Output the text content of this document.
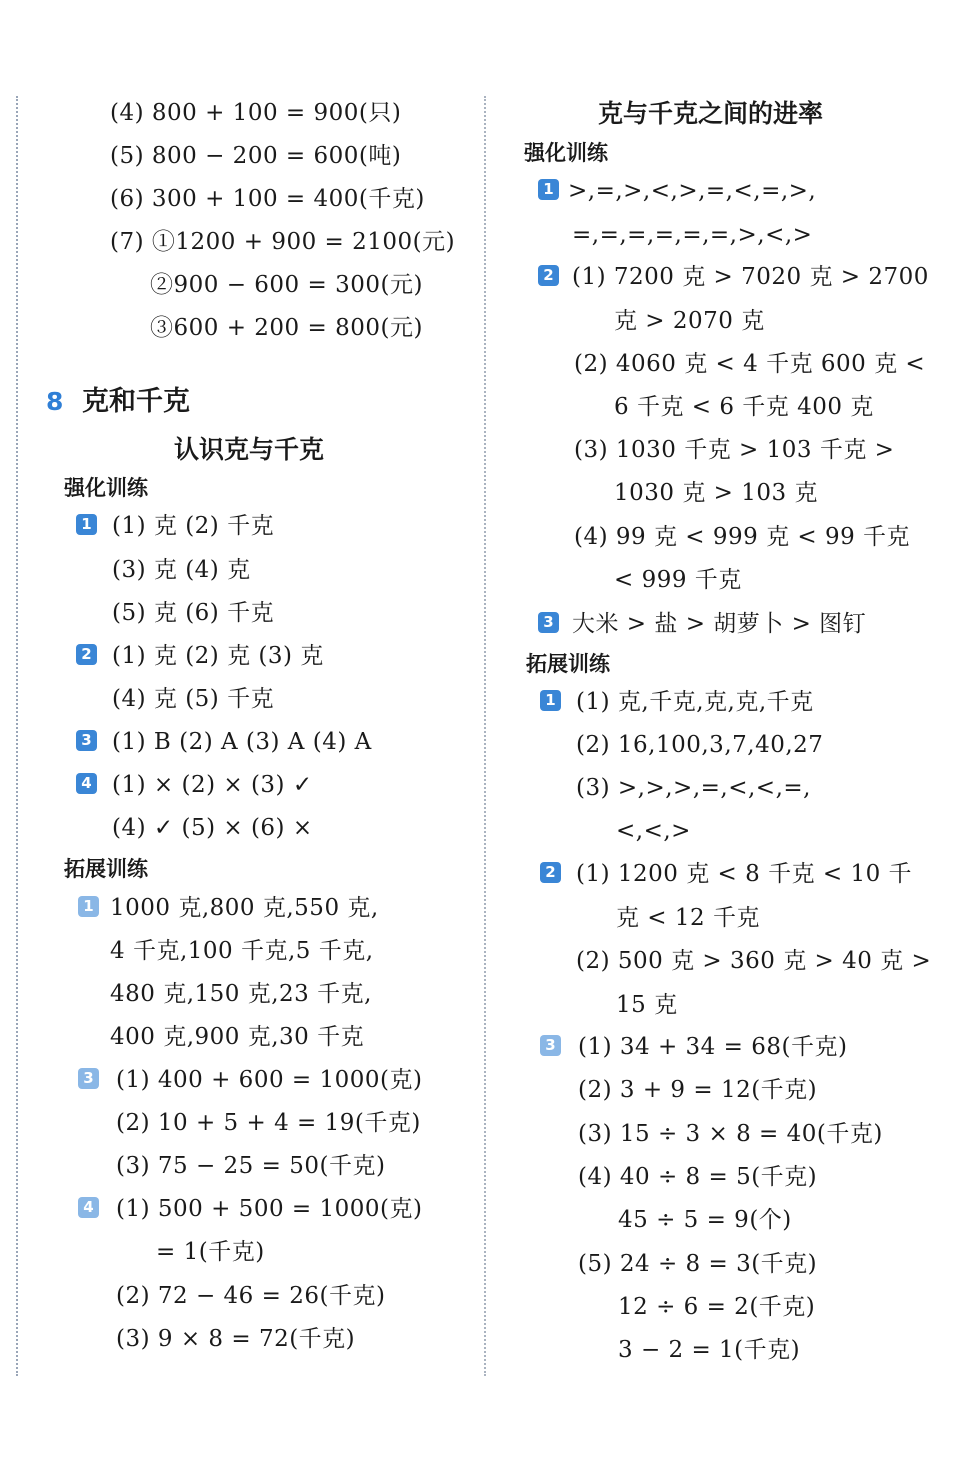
(4) 800 + 100 = 900(只)
(5) 800 − 200 = 600(吨)
(6) 300 + 100 = 400(千克)
(7) ①1200 + 900 = 2100(元)
②900 − 600 = 300(元)
③600 + 200 = 800(元)
8 克和千克
认识克与千克
强化训练
1 (1) 克 (2) 千克
(3) 克 (4) 克
(5) 克 (6) 千克
2 (1) 克 (2) 克 (3) 克
(4) 克 (5) 千克
3 (1) B (2) A (3) A (4) A
4 (1) × (2) × (3) ✓
(4) ✓ (5) × (6) ×
拓展训练
1 1000 克,800 克,550 克,
4 千克,100 千克,5 千克,
480 克,150 克,23 千克,
400 克,900 克,30 千克
3 (1) 400 + 600 = 1000(克)
(2) 10 + 5 + 4 = 19(千克)
(3) 75 − 25 = 50(千克)
4 (1) 500 + 500 = 1000(克)
= 1(千克)
(2) 72 − 46 = 26(千克)
(3) 9 × 8 = 72(千克)
克与千克之间的进率
强化训练
1 >,=,>,<,>,=,<,=,>,
=,=,=,=,=,=,>,<,>
2 (1) 7200 克 > 7020 克 > 2700
克 > 2070 克
(2) 4060 克 < 4 千克 600 克 <
6 千克 < 6 千克 400 克
(3) 1030 千克 > 103 千克 >
1030 克 > 103 克
(4) 99 克 < 999 克 < 99 千克
< 999 千克
3 大米 > 盐 > 胡萝卜 > 图钉
拓展训练
1 (1) 克,千克,克,克,千克
(2) 16,100,3,7,40,27
(3) >,>,>,=,<,<,=,
<,<,>
2 (1) 1200 克 < 8 千克 < 10 千
克 < 12 千克
(2) 500 克 > 360 克 > 40 克 >
15 克
3 (1) 34 + 34 = 68(千克)
(2) 3 + 9 = 12(千克)
(3) 15 ÷ 3 × 8 = 40(千克)
(4) 40 ÷ 8 = 5(千克)
45 ÷ 5 = 9(个)
(5) 24 ÷ 8 = 3(千克)
12 ÷ 6 = 2(千克)
3 − 2 = 1(千克)
